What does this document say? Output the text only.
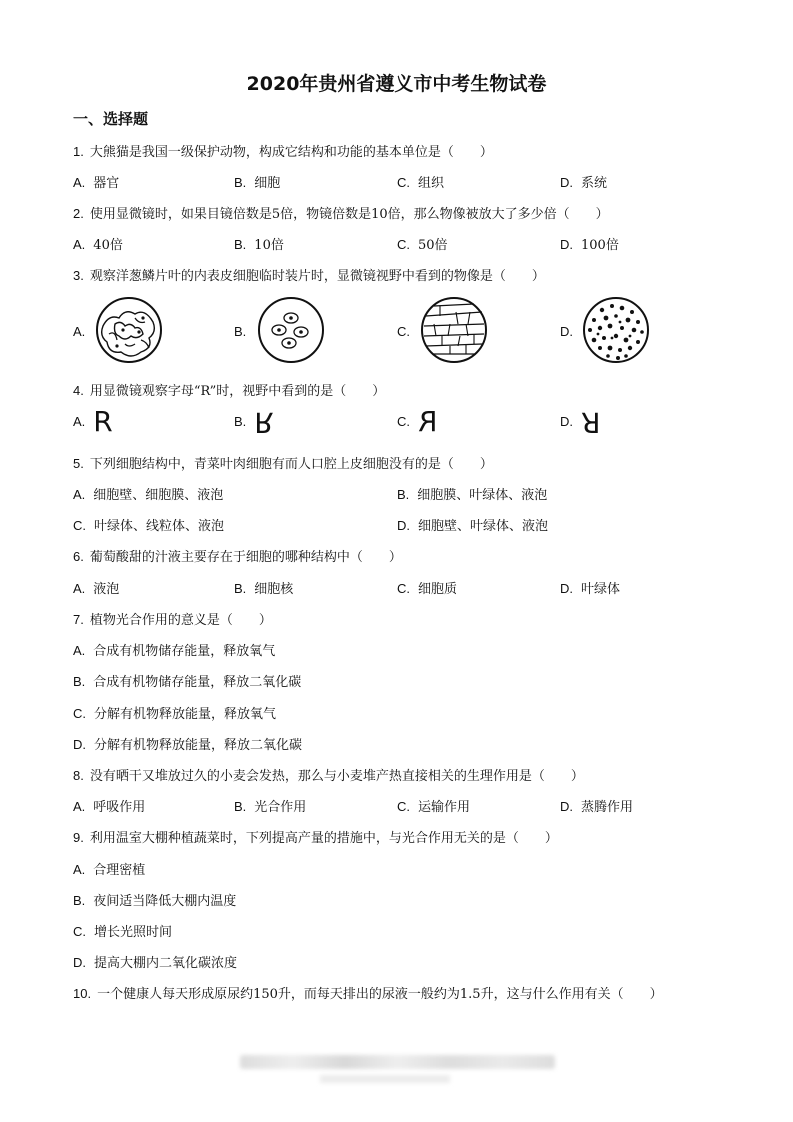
2020年贵州省遵义市中考生物试卷
一、选择题
1. 大熊猫是我国一级保护动物，构成它结构和功能的基本单位是（　　）
A. 器官	B. 细胞	C. 组织	D. 系统
2. 使用显微镜时，如果目镜倍数是5倍，物镜倍数是10倍，那么物像被放大了多少倍（　　）
A. 40倍	B. 10倍	C. 50倍	D. 100倍
3. 观察洋葱鳞片叶的内表皮细胞临时装片时，显微镜视野中看到的物像是（　　）
A.	B.	C.	D.
4. 用显微镜观察字母“R”时，视野中看到的是（　　）
A. R	B. R	C. R	D. R
5. 下列细胞结构中，青菜叶肉细胞有而人口腔上皮细胞没有的是（　　）
A. 细胞壁、细胞膜、液泡	B. 细胞膜、叶绿体、液泡
C. 叶绿体、线粒体、液泡	D. 细胞壁、叶绿体、液泡
6. 葡萄酸甜的汁液主要存在于细胞的哪种结构中（　　）
A. 液泡	B. 细胞核	C. 细胞质	D. 叶绿体
7. 植物光合作用的意义是（　　）
A. 合成有机物储存能量，释放氧气
B. 合成有机物储存能量，释放二氧化碳
C. 分解有机物释放能量，释放氧气
D. 分解有机物释放能量，释放二氧化碳
8. 没有晒干又堆放过久的小麦会发热，那么与小麦堆产热直接相关的生理作用是（　　）
A. 呼吸作用	B. 光合作用	C. 运输作用	D. 蒸腾作用
9. 利用温室大棚种植蔬菜时，下列提高产量的措施中，与光合作用无关的是（　　）
A. 合理密植
B. 夜间适当降低大棚内温度
C. 增长光照时间
D. 提高大棚内二氧化碳浓度
10. 一个健康人每天形成原尿约150升，而每天排出的尿液一般约为1.5升，这与什么作用有关（　　）
